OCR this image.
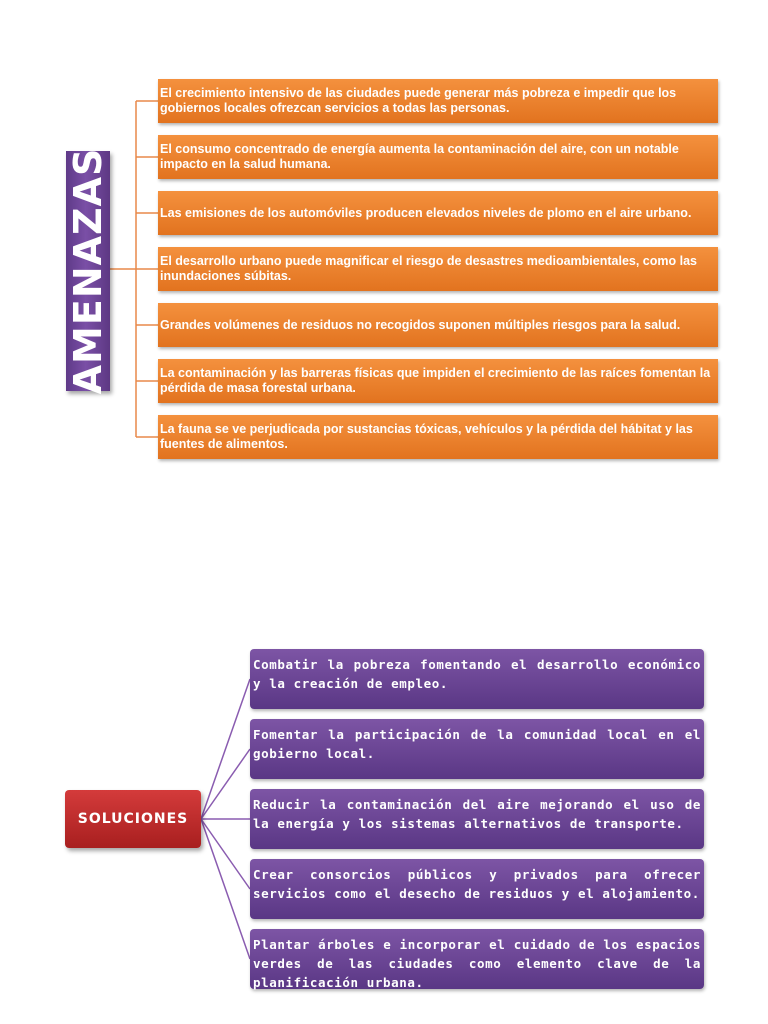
AMENAZAS
El crecimiento intensivo de las ciudades puede generar más pobreza e impedir que los gobiernos locales ofrezcan servicios a todas las personas.
El consumo concentrado de energía aumenta la contaminación del aire, con un notable impacto en la salud humana.
Las emisiones de los automóviles producen elevados niveles de plomo en el aire urbano.
El desarrollo urbano puede magnificar el riesgo de desastres medioambientales, como las inundaciones súbitas.
Grandes volúmenes de residuos no recogidos suponen múltiples riesgos para la salud.
La contaminación y las barreras físicas que impiden el crecimiento de las raíces fomentan la pérdida de masa forestal urbana.
La fauna se ve perjudicada por sustancias tóxicas, vehículos y la pérdida del hábitat y las fuentes de alimentos.
SOLUCIONES
Combatir la pobreza fomentando el desarrollo económico y la creación de empleo.
Fomentar la participación de la comunidad local en el gobierno local.
Reducir la contaminación del aire mejorando el uso de la energía y los sistemas alternativos de transporte.
Crear consorcios públicos y privados para ofrecer servicios como el desecho de residuos y el alojamiento.
Plantar árboles e incorporar el cuidado de los espacios verdes de las ciudades como elemento clave de la planificación urbana.
